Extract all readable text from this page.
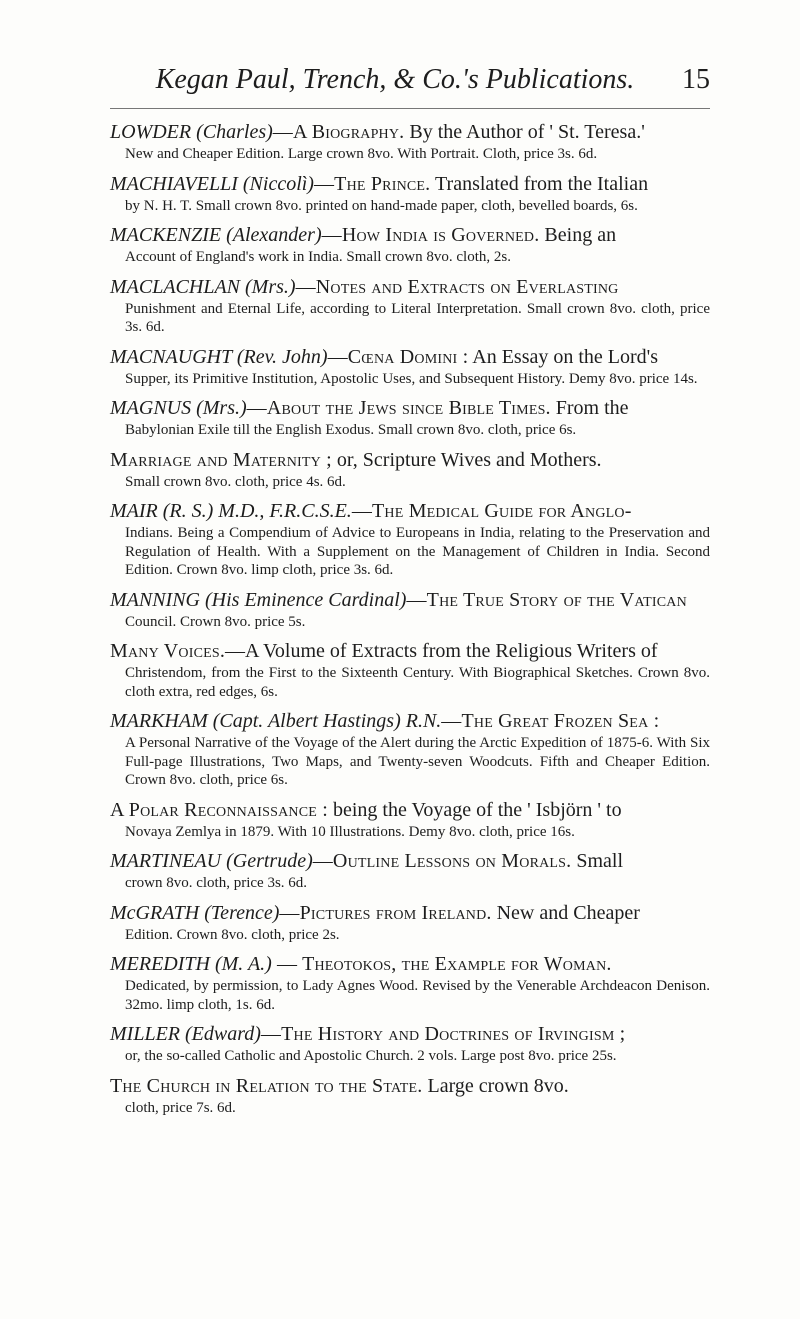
Kegan Paul, Trench, & Co.'s Publications.	15

LOWDER (Charles)—A Biography. By the Author of ' St. Teresa.'

New and Cheaper Edition. Large crown 8vo. With Portrait. Cloth, price 3s. 6d.

MACHIAVELLI (Niccolì)—The Prince. Translated from the Italian

by N. H. T. Small crown 8vo. printed on hand-made paper, cloth, bevelled boards, 6s.

MACKENZIE (Alexander)—How India is Governed. Being an

Account of England's work in India. Small crown 8vo. cloth, 2s.

MACLACHLAN (Mrs.)—Notes and Extracts on Everlasting

Punishment and Eternal Life, according to Literal Interpretation. Small crown 8vo. cloth, price 3s. 6d.

MACNAUGHT (Rev. John)—Cœna Domini : An Essay on the Lord's

Supper, its Primitive Institution, Apostolic Uses, and Subsequent History. Demy 8vo. price 14s.

MAGNUS (Mrs.)—About the Jews since Bible Times. From the

Babylonian Exile till the English Exodus. Small crown 8vo. cloth, price 6s.

Marriage and Maternity ; or, Scripture Wives and Mothers.

Small crown 8vo. cloth, price 4s. 6d.

MAIR (R. S.) M.D., F.R.C.S.E.—The Medical Guide for Anglo-

Indians. Being a Compendium of Advice to Europeans in India, relating to the Preservation and Regulation of Health. With a Supplement on the Management of Children in India. Second Edition. Crown 8vo. limp cloth, price 3s. 6d.

MANNING (His Eminence Cardinal)—The True Story of the Vatican

Council. Crown 8vo. price 5s.

Many Voices.—A Volume of Extracts from the Religious Writers of

Christendom, from the First to the Sixteenth Century. With Biographical Sketches. Crown 8vo. cloth extra, red edges, 6s.

MARKHAM (Capt. Albert Hastings) R.N.—The Great Frozen Sea :

A Personal Narrative of the Voyage of the Alert during the Arctic Expedition of 1875-6. With Six Full-page Illustrations, Two Maps, and Twenty-seven Woodcuts. Fifth and Cheaper Edition. Crown 8vo. cloth, price 6s.

A Polar Reconnaissance : being the Voyage of the ' Isbjörn ' to

Novaya Zemlya in 1879. With 10 Illustrations. Demy 8vo. cloth, price 16s.

MARTINEAU (Gertrude)—Outline Lessons on Morals. Small

crown 8vo. cloth, price 3s. 6d.

McGRATH (Terence)—Pictures from Ireland. New and Cheaper

Edition. Crown 8vo. cloth, price 2s.

MEREDITH (M. A.) — Theotokos, the Example for Woman.

Dedicated, by permission, to Lady Agnes Wood. Revised by the Venerable Archdeacon Denison. 32mo. limp cloth, 1s. 6d.

MILLER (Edward)—The History and Doctrines of Irvingism ;

or, the so-called Catholic and Apostolic Church. 2 vols. Large post 8vo. price 25s.

The Church in Relation to the State. Large crown 8vo.

cloth, price 7s. 6d.
